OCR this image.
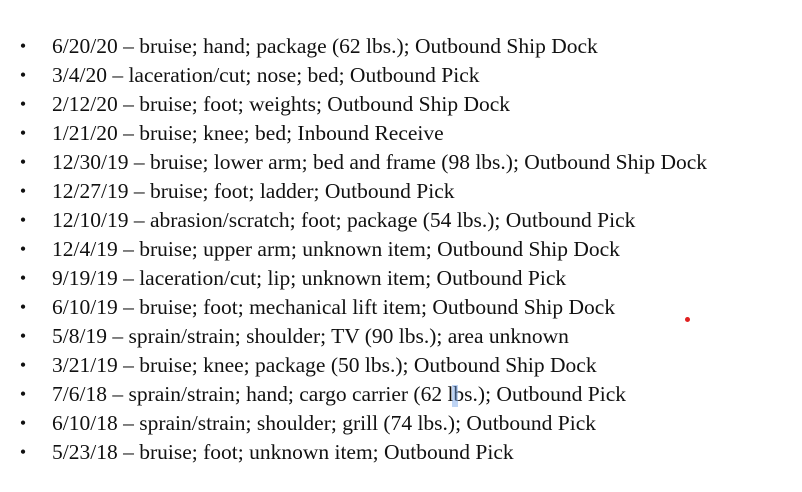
• 6/20/20 – bruise; hand; package (62 lbs.); Outbound Ship Dock
• 3/4/20 – laceration/cut; nose; bed; Outbound Pick
• 2/12/20 – bruise; foot; weights; Outbound Ship Dock
• 1/21/20 – bruise; knee; bed; Inbound Receive
• 12/30/19 – bruise; lower arm; bed and frame (98 lbs.); Outbound Ship Dock
• 12/27/19 – bruise; foot; ladder; Outbound Pick
• 12/10/19 – abrasion/scratch; foot; package (54 lbs.); Outbound Pick
• 12/4/19 – bruise; upper arm; unknown item; Outbound Ship Dock
• 9/19/19 – laceration/cut; lip; unknown item; Outbound Pick
• 6/10/19 – bruise; foot; mechanical lift item; Outbound Ship Dock
• 5/8/19 – sprain/strain; shoulder; TV (90 lbs.); area unknown
• 3/21/19 – bruise; knee; package (50 lbs.); Outbound Ship Dock
• 7/6/18 – sprain/strain; hand; cargo carrier (62 lbs.); Outbound Pick
• 6/10/18 – sprain/strain; shoulder; grill (74 lbs.); Outbound Pick
• 5/23/18 – bruise; foot; unknown item; Outbound Pick
